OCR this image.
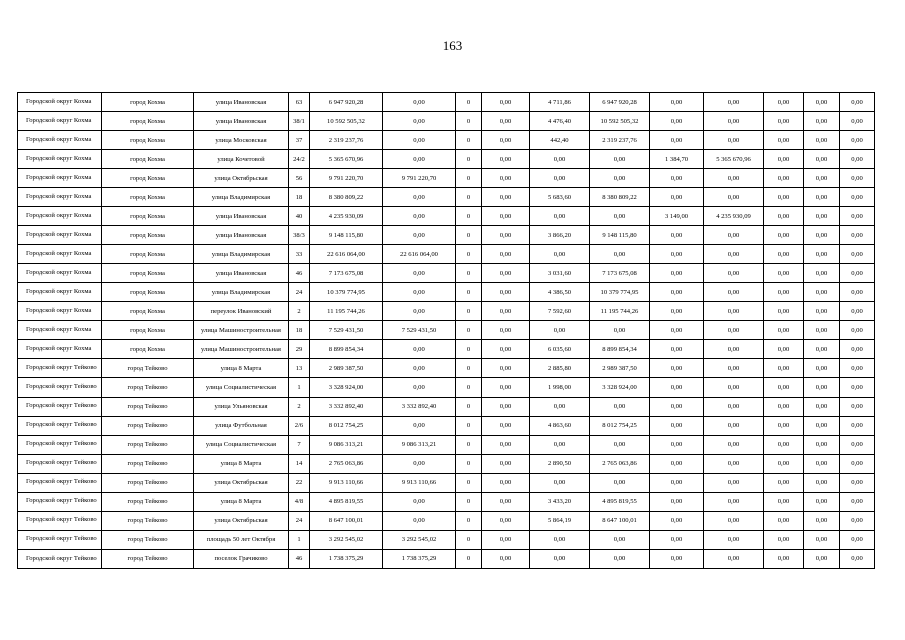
163
Городской округ Кохма	город Кохма	улица Ивановская	63	6 947 920,28	0,00	0	0,00	4 711,86	6 947 920,28	0,00	0,00	0,00	0,00	0,00
Городской округ Кохма	город Кохма	улица Ивановская	38/1	10 592 505,32	0,00	0	0,00	4 476,40	10 592 505,32	0,00	0,00	0,00	0,00	0,00
Городской округ Кохма	город Кохма	улица Московская	37	2 319 237,76	0,00	0	0,00	442,40	2 319 237,76	0,00	0,00	0,00	0,00	0,00
Городской округ Кохма	город Кохма	улица Кочетовой	24/2	5 365 670,96	0,00	0	0,00	0,00	0,00	1 384,70	5 365 670,96	0,00	0,00	0,00
Городской округ Кохма	город Кохма	улица Октябрьская	56	9 791 220,70	9 791 220,70	0	0,00	0,00	0,00	0,00	0,00	0,00	0,00	0,00
Городской округ Кохма	город Кохма	улица Владимирская	18	8 380 809,22	0,00	0	0,00	5 683,60	8 380 809,22	0,00	0,00	0,00	0,00	0,00
Городской округ Кохма	город Кохма	улица Ивановская	40	4 235 930,09	0,00	0	0,00	0,00	0,00	3 149,00	4 235 930,09	0,00	0,00	0,00
Городской округ Кохма	город Кохма	улица Ивановская	38/3	9 148 115,80	0,00	0	0,00	3 866,20	9 148 115,80	0,00	0,00	0,00	0,00	0,00
Городской округ Кохма	город Кохма	улица Владимирская	33	22 616 064,00	22 616 064,00	0	0,00	0,00	0,00	0,00	0,00	0,00	0,00	0,00
Городской округ Кохма	город Кохма	улица Ивановская	46	7 173 675,08	0,00	0	0,00	3 031,60	7 173 675,08	0,00	0,00	0,00	0,00	0,00
Городской округ Кохма	город Кохма	улица Владимирская	24	10 379 774,95	0,00	0	0,00	4 386,50	10 379 774,95	0,00	0,00	0,00	0,00	0,00
Городской округ Кохма	город Кохма	переулок Ивановский	2	11 195 744,26	0,00	0	0,00	7 592,60	11 195 744,26	0,00	0,00	0,00	0,00	0,00
Городской округ Кохма	город Кохма	улица Машиностроительная	18	7 529 431,50	7 529 431,50	0	0,00	0,00	0,00	0,00	0,00	0,00	0,00	0,00
Городской округ Кохма	город Кохма	улица Машиностроительная	29	8 899 854,34	0,00	0	0,00	6 035,60	8 899 854,34	0,00	0,00	0,00	0,00	0,00
Городской округ Тейково	город Тейково	улица 8 Марта	13	2 989 387,50	0,00	0	0,00	2 885,80	2 989 387,50	0,00	0,00	0,00	0,00	0,00
Городской округ Тейково	город Тейково	улица Социалистическая	1	3 328 924,00	0,00	0	0,00	1 998,00	3 328 924,00	0,00	0,00	0,00	0,00	0,00
Городской округ Тейково	город Тейково	улица Ульяновская	2	3 332 892,40	3 332 892,40	0	0,00	0,00	0,00	0,00	0,00	0,00	0,00	0,00
Городской округ Тейково	город Тейково	улица Футбольная	2/6	8 012 754,25	0,00	0	0,00	4 863,60	8 012 754,25	0,00	0,00	0,00	0,00	0,00
Городской округ Тейково	город Тейково	улица Социалистическая	7	9 086 313,21	9 086 313,21	0	0,00	0,00	0,00	0,00	0,00	0,00	0,00	0,00
Городской округ Тейково	город Тейково	улица 8 Марта	14	2 765 063,86	0,00	0	0,00	2 890,50	2 765 063,86	0,00	0,00	0,00	0,00	0,00
Городской округ Тейково	город Тейково	улица Октябрьская	22	9 913 110,66	9 913 110,66	0	0,00	0,00	0,00	0,00	0,00	0,00	0,00	0,00
Городской округ Тейково	город Тейково	улица 8 Марта	4/8	4 895 819,55	0,00	0	0,00	3 433,20	4 895 819,55	0,00	0,00	0,00	0,00	0,00
Городской округ Тейково	город Тейково	улица Октябрьская	24	8 647 100,01	0,00	0	0,00	5 864,19	8 647 100,01	0,00	0,00	0,00	0,00	0,00
Городской округ Тейково	город Тейково	площадь 50 лет Октября	1	3 292 545,02	3 292 545,02	0	0,00	0,00	0,00	0,00	0,00	0,00	0,00	0,00
Городской округ Тейково	город Тейково	поселок Грачиково	46	1 738 375,29	1 738 375,29	0	0,00	0,00	0,00	0,00	0,00	0,00	0,00	0,00
